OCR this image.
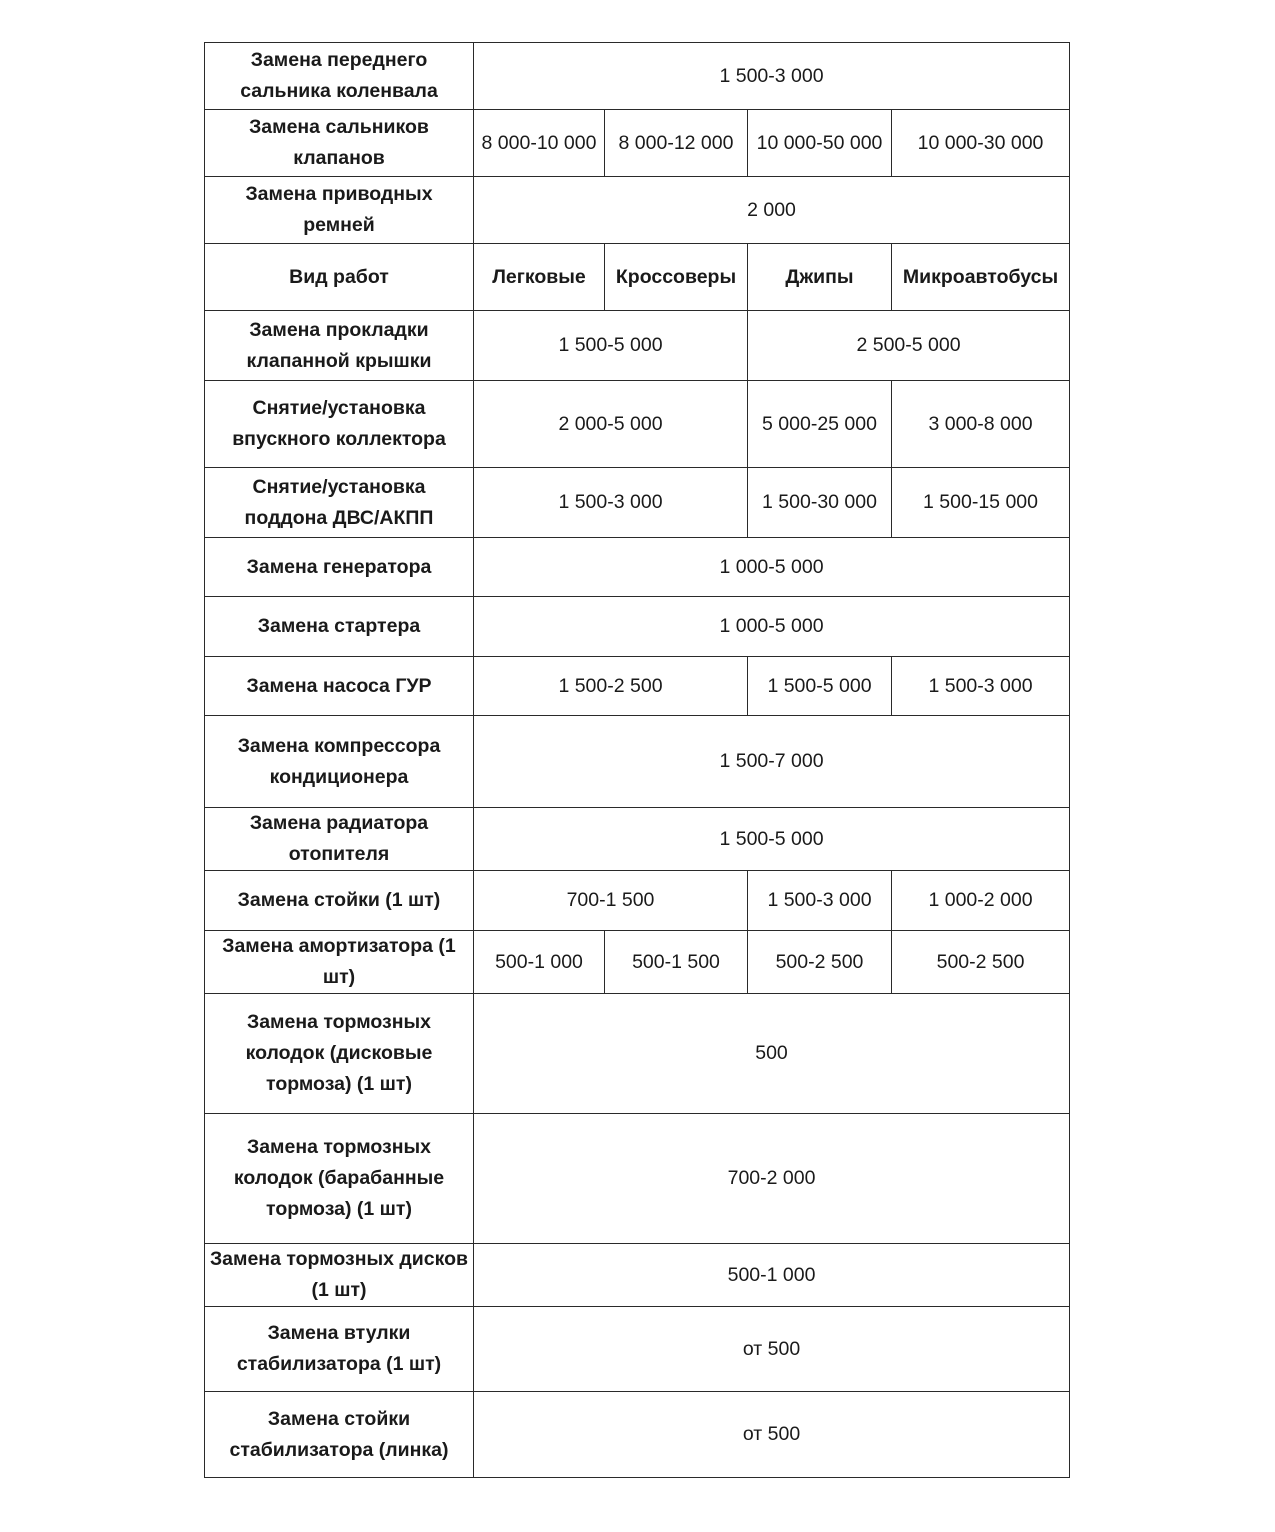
Замена переднего сальника коленвала	1 500-3 000			
Замена сальников клапанов	8 000-10 000	8 000-12 000	10 000-50 000	10 000-30 000
Замена приводных ремней	2 000			
Вид работ	Легковые	Кроссоверы	Джипы	Микроавтобусы
Замена прокладки клапанной крышки	1 500-5 000		2 500-5 000	
Снятие/установка впускного коллектора	2 000-5 000		5 000-25 000	3 000-8 000
Снятие/установка поддона ДВС/АКПП	1 500-3 000		1 500-30 000	1 500-15 000
Замена генератора	1 000-5 000			
Замена стартера	1 000-5 000			
Замена насоса ГУР	1 500-2 500		1 500-5 000	1 500-3 000
Замена компрессора кондиционера	1 500-7 000			
Замена радиатора отопителя	1 500-5 000			
Замена стойки (1 шт)	700-1 500		1 500-3 000	1 000-2 000
Замена амортизатора (1 шт)	500-1 000	500-1 500	500-2 500	500-2 500
Замена тормозных колодок (дисковые тормоза) (1 шт)	500			
Замена тормозных колодок (барабанные тормоза) (1 шт)	700-2 000			
Замена тормозных дисков (1 шт)	500-1 000			
Замена втулки стабилизатора (1 шт)	от 500			
Замена стойки стабилизатора (линка)	от 500			
